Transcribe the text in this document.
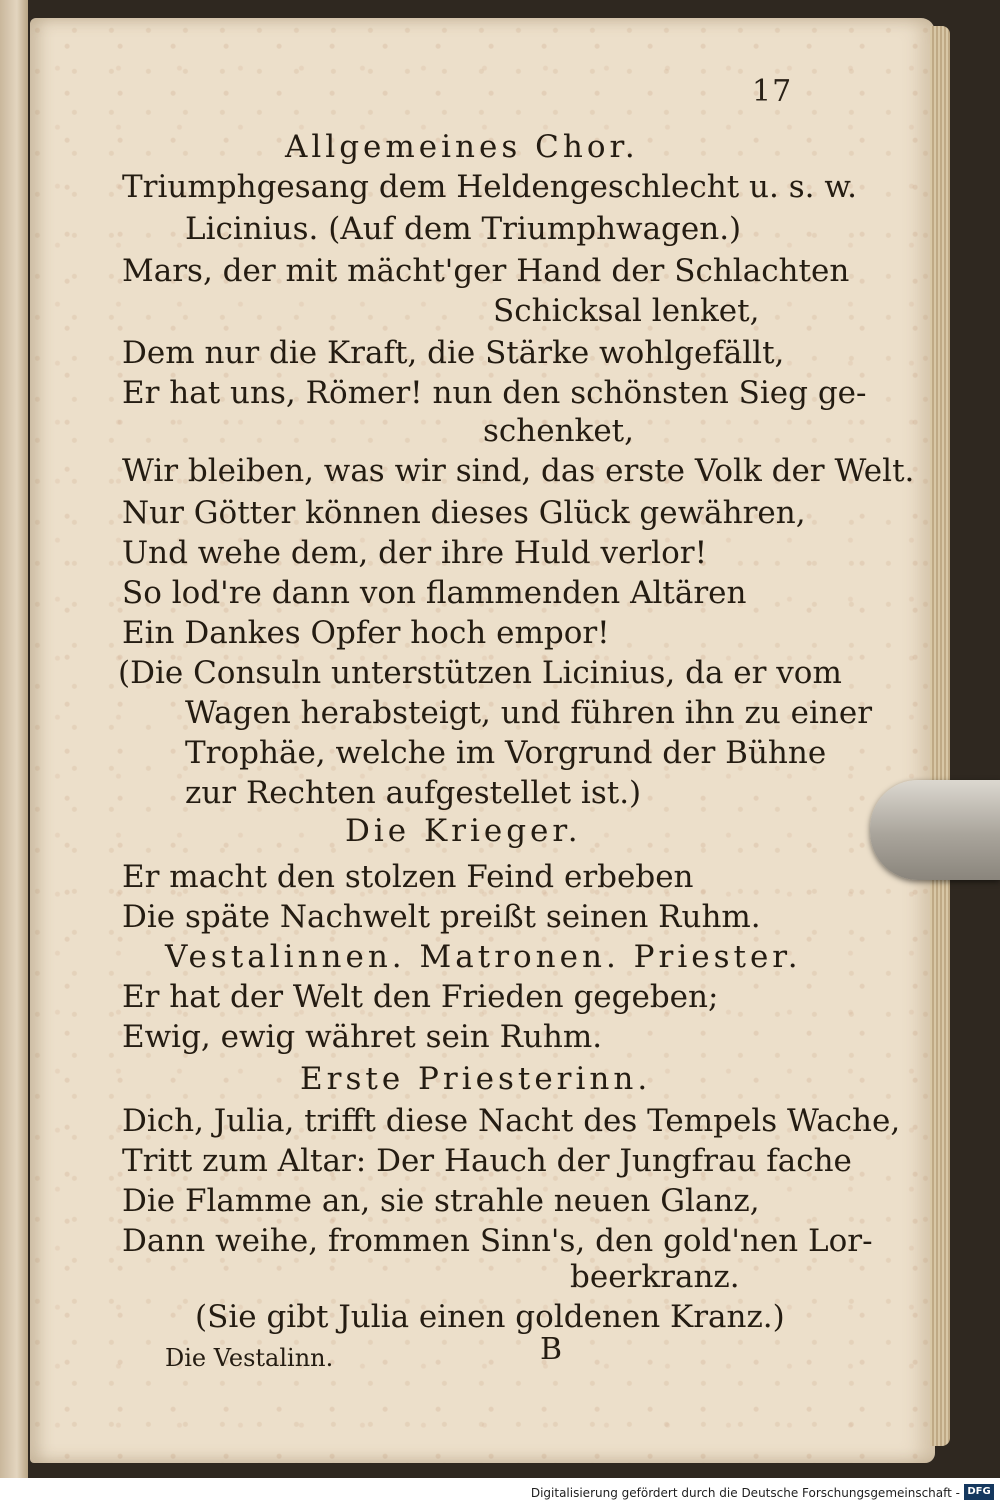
17
Allgemeines Chor.
Triumphgesang dem Heldengeschlecht u. s. w.
Licinius. (Auf dem Triumphwagen.)
Mars, der mit mächt'ger Hand der Schlachten
Schicksal lenket,
Dem nur die Kraft, die Stärke wohlgefällt,
Er hat uns, Römer! nun den schönsten Sieg ge-
schenket,
Wir bleiben, was wir sind, das erste Volk der Welt.
Nur Götter können dieses Glück gewähren,
Und wehe dem, der ihre Huld verlor!
So lod're dann von flammenden Altären
Ein Dankes Opfer hoch empor!
(Die Consuln unterstützen Licinius, da er vom
Wagen herabsteigt, und führen ihn zu einer
Trophäe, welche im Vorgrund der Bühne
zur Rechten aufgestellet ist.)
Die Krieger.
Er macht den stolzen Feind erbeben
Die späte Nachwelt preißt seinen Ruhm.
Vestalinnen. Matronen. Priester.
Er hat der Welt den Frieden gegeben;
Ewig, ewig währet sein Ruhm.
Erste Priesterinn.
Dich, Julia, trifft diese Nacht des Tempels Wache,
Tritt zum Altar: Der Hauch der Jungfrau fache
Die Flamme an, sie strahle neuen Glanz,
Dann weihe, frommen Sinn's, den gold'nen Lor-
beerkranz.
(Sie gibt Julia einen goldenen Kranz.)
Die Vestalinn.	B
Digitalisierung gefördert durch die Deutsche Forschungsgemeinschaft - DFG
